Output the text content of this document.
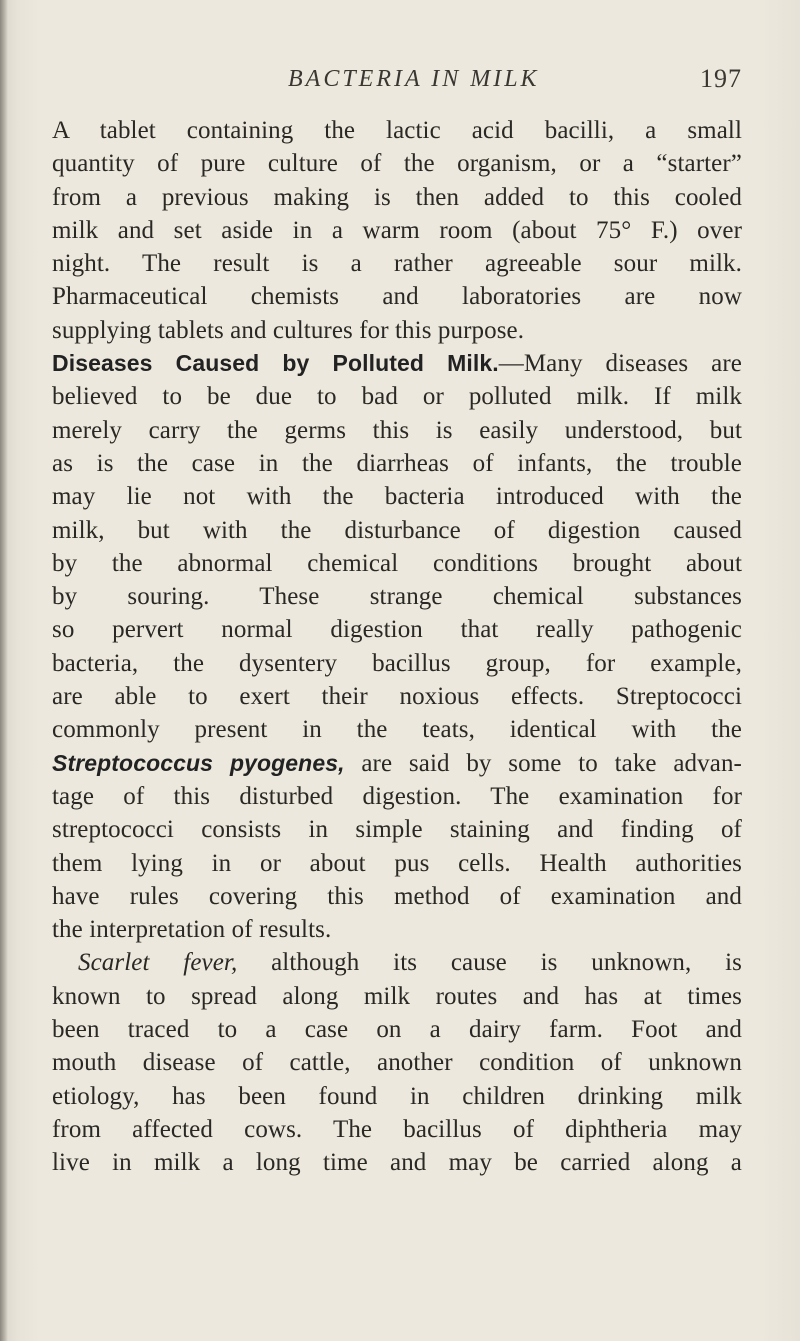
BACTERIA IN MILK	197
A tablet containing the lactic acid bacilli, a small
quantity of pure culture of the organism, or a “starter”
from a previous making is then added to this cooled
milk and set aside in a warm room (about 75° F.) over
night. The result is a rather agreeable sour milk.
Pharmaceutical chemists and laboratories are now
supplying tablets and cultures for this purpose.
Diseases Caused by Polluted Milk.—Many diseases are
believed to be due to bad or polluted milk. If milk
merely carry the germs this is easily understood, but
as is the case in the diarrheas of infants, the trouble
may lie not with the bacteria introduced with the
milk, but with the disturbance of digestion caused
by the abnormal chemical conditions brought about
by souring. These strange chemical substances
so pervert normal digestion that really pathogenic
bacteria, the dysentery bacillus group, for example,
are able to exert their noxious effects. Streptococci
commonly present in the teats, identical with the
Streptococcus pyogenes, are said by some to take advan-
tage of this disturbed digestion. The examination for
streptococci consists in simple staining and finding of
them lying in or about pus cells. Health authorities
have rules covering this method of examination and
the interpretation of results.
Scarlet fever, although its cause is unknown, is
known to spread along milk routes and has at times
been traced to a case on a dairy farm. Foot and
mouth disease of cattle, another condition of unknown
etiology, has been found in children drinking milk
from affected cows. The bacillus of diphtheria may
live in milk a long time and may be carried along a
